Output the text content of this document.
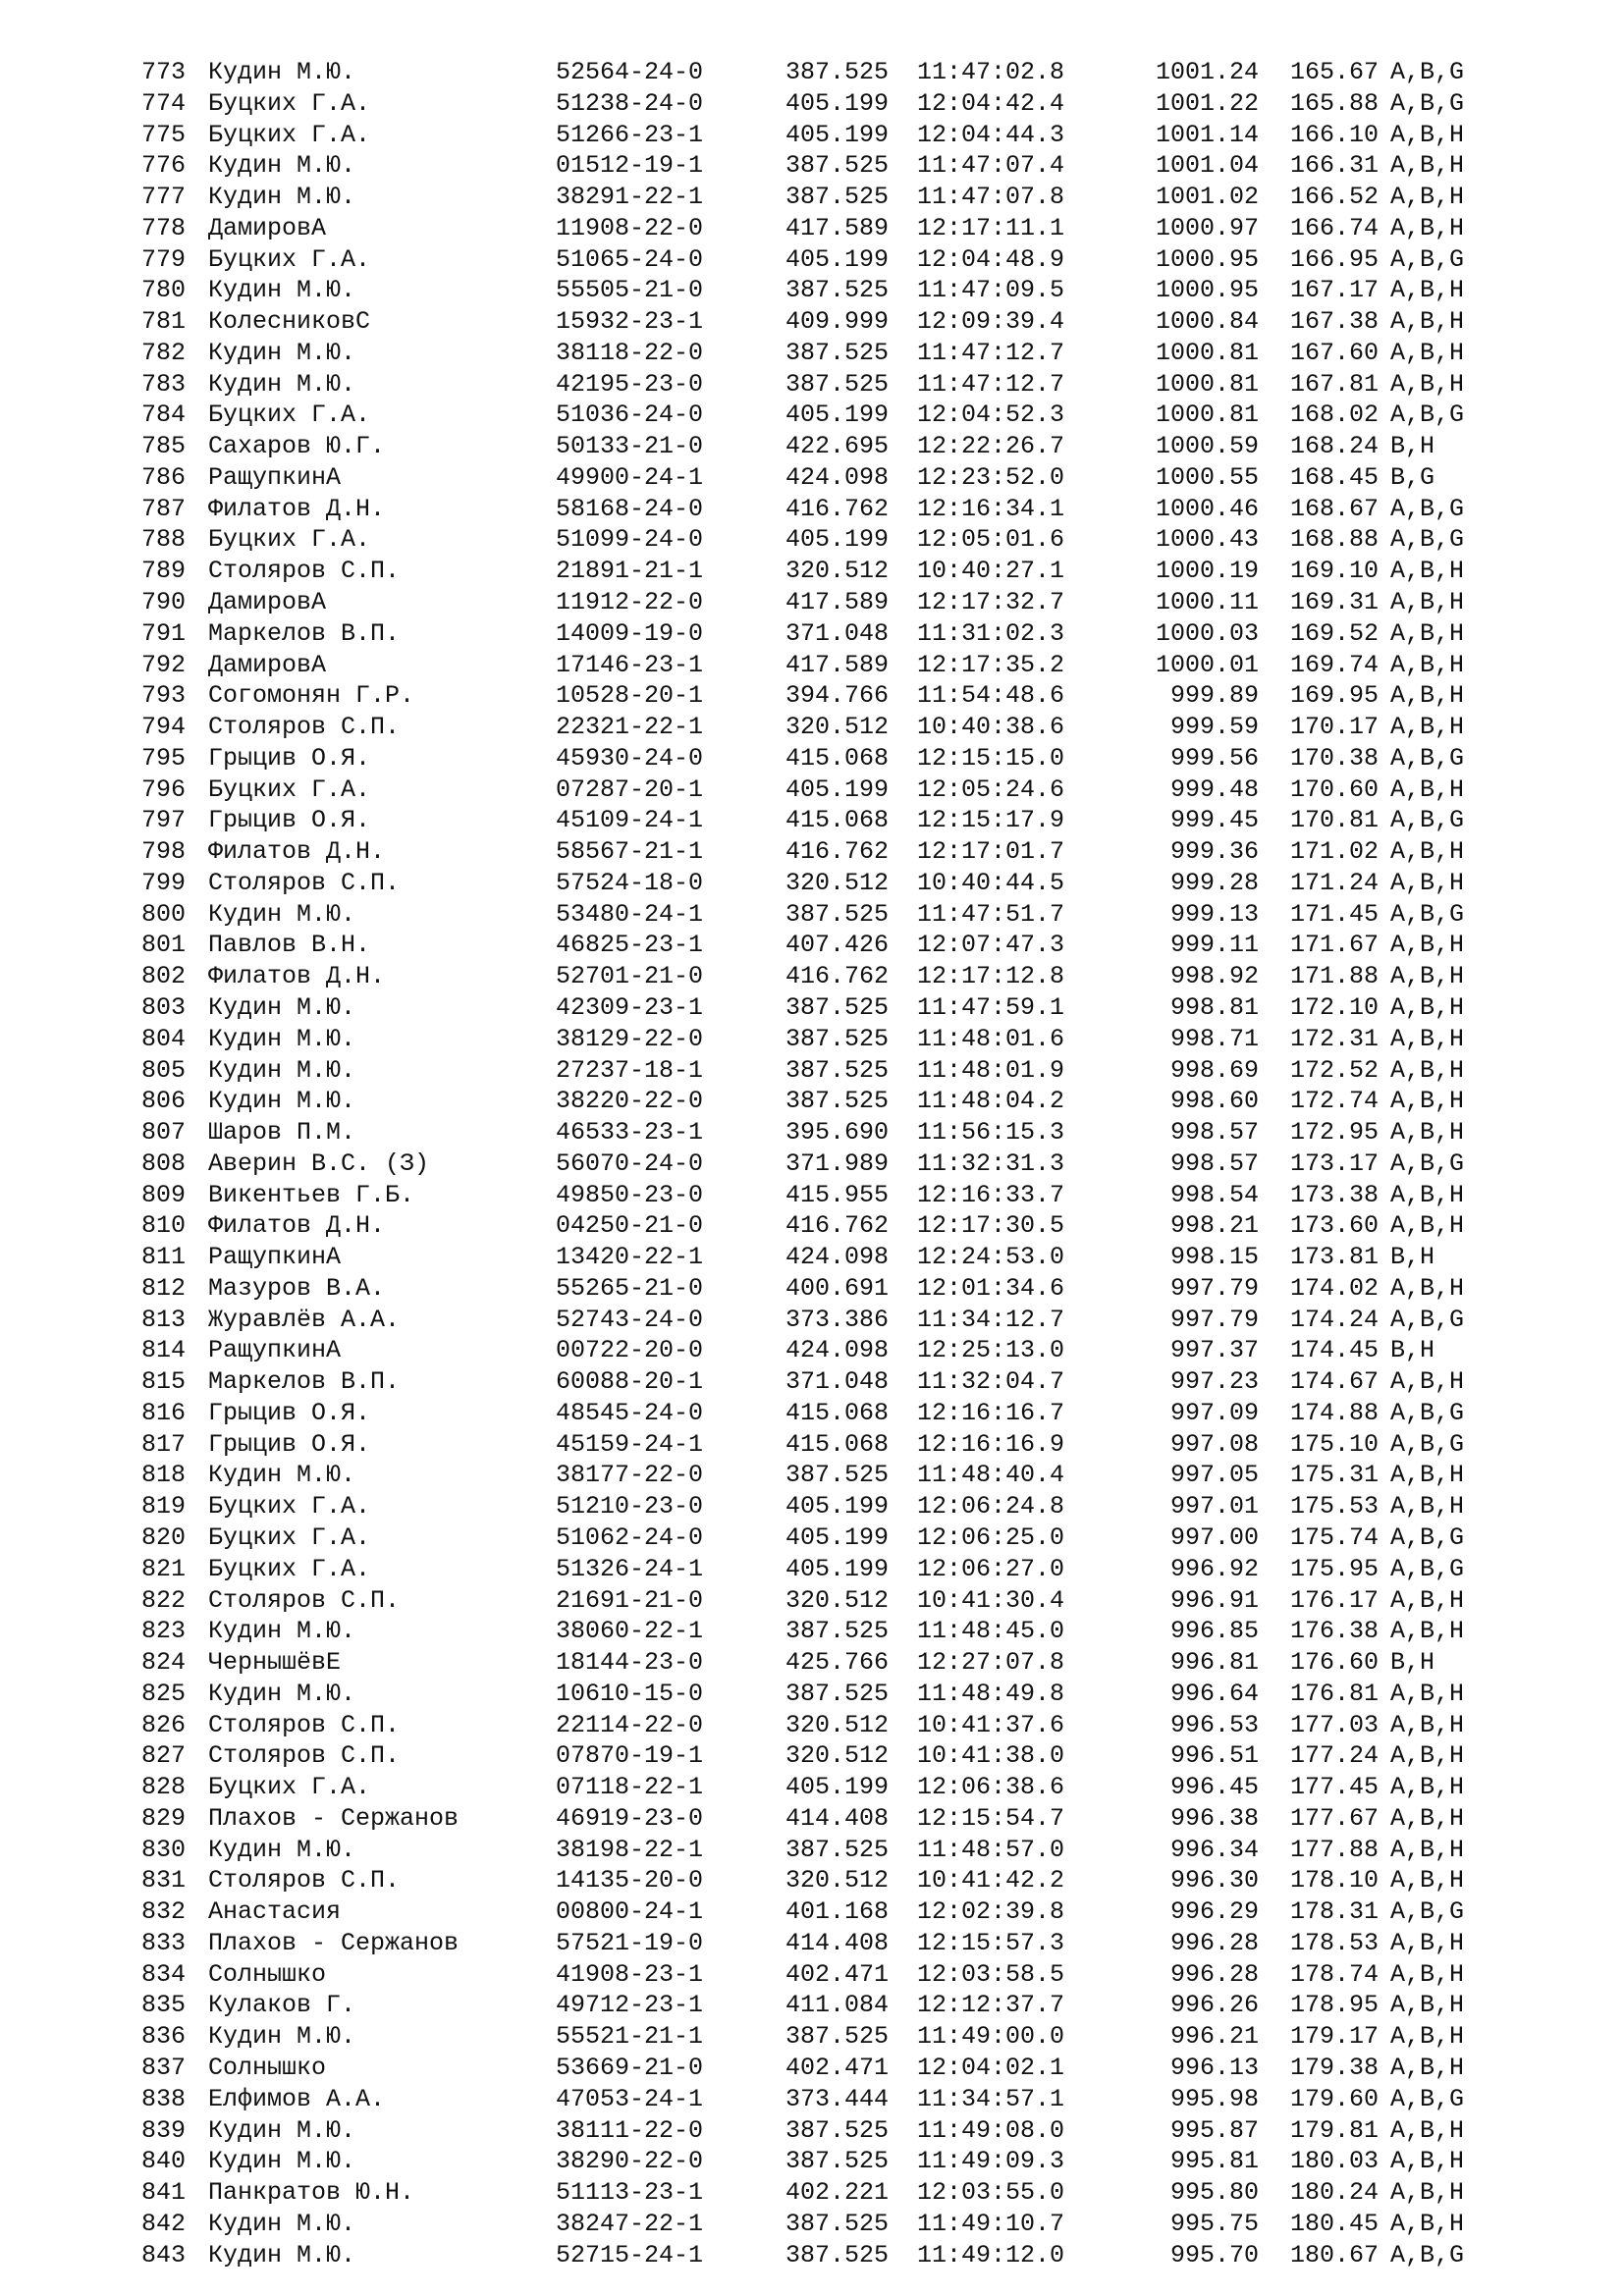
773 Кудин М.Ю.	52564-24-0	387.525 11:47:02.8	1001.24	165.67 A,B,G
774 Буцких Г.А.	51238-24-0	405.199 12:04:42.4	1001.22	165.88 A,B,G
775 Буцких Г.А.	51266-23-1	405.199 12:04:44.3	1001.14	166.10 A,B,H
776 Кудин М.Ю.	01512-19-1	387.525 11:47:07.4	1001.04	166.31 A,B,H
777 Кудин М.Ю.	38291-22-1	387.525 11:47:07.8	1001.02	166.52 A,B,H
778 ДамировА	11908-22-0	417.589 12:17:11.1	1000.97	166.74 A,B,H
779 Буцких Г.А.	51065-24-0	405.199 12:04:48.9	1000.95	166.95 A,B,G
780 Кудин М.Ю.	55505-21-0	387.525 11:47:09.5	1000.95	167.17 A,B,H
781 КолесниковС	15932-23-1	409.999 12:09:39.4	1000.84	167.38 A,B,H
782 Кудин М.Ю.	38118-22-0	387.525 11:47:12.7	1000.81	167.60 A,B,H
783 Кудин М.Ю.	42195-23-0	387.525 11:47:12.7	1000.81	167.81 A,B,H
784 Буцких Г.А.	51036-24-0	405.199 12:04:52.3	1000.81	168.02 A,B,G
785 Сахаров Ю.Г.	50133-21-0	422.695 12:22:26.7	1000.59	168.24 B,H
786 РащупкинА	49900-24-1	424.098 12:23:52.0	1000.55	168.45 B,G
787 Филатов Д.Н.	58168-24-0	416.762 12:16:34.1	1000.46	168.67 A,B,G
788 Буцких Г.А.	51099-24-0	405.199 12:05:01.6	1000.43	168.88 A,B,G
789 Столяров С.П.	21891-21-1	320.512 10:40:27.1	1000.19	169.10 A,B,H
790 ДамировА	11912-22-0	417.589 12:17:32.7	1000.11	169.31 A,B,H
791 Маркелов В.П.	14009-19-0	371.048 11:31:02.3	1000.03	169.52 A,B,H
792 ДамировА	17146-23-1	417.589 12:17:35.2	1000.01	169.74 A,B,H
793 Согомонян Г.Р.	10528-20-1	394.766 11:54:48.6	999.89	169.95 A,B,H
794 Столяров С.П.	22321-22-1	320.512 10:40:38.6	999.59	170.17 A,B,H
795 Грыцив О.Я.	45930-24-0	415.068 12:15:15.0	999.56	170.38 A,B,G
796 Буцких Г.А.	07287-20-1	405.199 12:05:24.6	999.48	170.60 A,B,H
797 Грыцив О.Я.	45109-24-1	415.068 12:15:17.9	999.45	170.81 A,B,G
798 Филатов Д.Н.	58567-21-1	416.762 12:17:01.7	999.36	171.02 A,B,H
799 Столяров С.П.	57524-18-0	320.512 10:40:44.5	999.28	171.24 A,B,H
800 Кудин М.Ю.	53480-24-1	387.525 11:47:51.7	999.13	171.45 A,B,G
801 Павлов В.Н.	46825-23-1	407.426 12:07:47.3	999.11	171.67 A,B,H
802 Филатов Д.Н.	52701-21-0	416.762 12:17:12.8	998.92	171.88 A,B,H
803 Кудин М.Ю.	42309-23-1	387.525 11:47:59.1	998.81	172.10 A,B,H
804 Кудин М.Ю.	38129-22-0	387.525 11:48:01.6	998.71	172.31 A,B,H
805 Кудин М.Ю.	27237-18-1	387.525 11:48:01.9	998.69	172.52 A,B,H
806 Кудин М.Ю.	38220-22-0	387.525 11:48:04.2	998.60	172.74 A,B,H
807 Шаров П.М.	46533-23-1	395.690 11:56:15.3	998.57	172.95 A,B,H
808 Аверин В.С. (З)	56070-24-0	371.989 11:32:31.3	998.57	173.17 A,B,G
809 Викентьев Г.Б.	49850-23-0	415.955 12:16:33.7	998.54	173.38 A,B,H
810 Филатов Д.Н.	04250-21-0	416.762 12:17:30.5	998.21	173.60 A,B,H
811 РащупкинА	13420-22-1	424.098 12:24:53.0	998.15	173.81 B,H
812 Мазуров В.А.	55265-21-0	400.691 12:01:34.6	997.79	174.02 A,B,H
813 Журавлёв А.А.	52743-24-0	373.386 11:34:12.7	997.79	174.24 A,B,G
814 РащупкинА	00722-20-0	424.098 12:25:13.0	997.37	174.45 B,H
815 Маркелов В.П.	60088-20-1	371.048 11:32:04.7	997.23	174.67 A,B,H
816 Грыцив О.Я.	48545-24-0	415.068 12:16:16.7	997.09	174.88 A,B,G
817 Грыцив О.Я.	45159-24-1	415.068 12:16:16.9	997.08	175.10 A,B,G
818 Кудин М.Ю.	38177-22-0	387.525 11:48:40.4	997.05	175.31 A,B,H
819 Буцких Г.А.	51210-23-0	405.199 12:06:24.8	997.01	175.53 A,B,H
820 Буцких Г.А.	51062-24-0	405.199 12:06:25.0	997.00	175.74 A,B,G
821 Буцких Г.А.	51326-24-1	405.199 12:06:27.0	996.92	175.95 A,B,G
822 Столяров С.П.	21691-21-0	320.512 10:41:30.4	996.91	176.17 A,B,H
823 Кудин М.Ю.	38060-22-1	387.525 11:48:45.0	996.85	176.38 A,B,H
824 ЧернышёвЕ	18144-23-0	425.766 12:27:07.8	996.81	176.60 B,H
825 Кудин М.Ю.	10610-15-0	387.525 11:48:49.8	996.64	176.81 A,B,H
826 Столяров С.П.	22114-22-0	320.512 10:41:37.6	996.53	177.03 A,B,H
827 Столяров С.П.	07870-19-1	320.512 10:41:38.0	996.51	177.24 A,B,H
828 Буцких Г.А.	07118-22-1	405.199 12:06:38.6	996.45	177.45 A,B,H
829 Плахов - Сержанов	46919-23-0	414.408 12:15:54.7	996.38	177.67 A,B,H
830 Кудин М.Ю.	38198-22-1	387.525 11:48:57.0	996.34	177.88 A,B,H
831 Столяров С.П.	14135-20-0	320.512 10:41:42.2	996.30	178.10 A,B,H
832 Анастасия	00800-24-1	401.168 12:02:39.8	996.29	178.31 A,B,G
833 Плахов - Сержанов	57521-19-0	414.408 12:15:57.3	996.28	178.53 A,B,H
834 Солнышко	41908-23-1	402.471 12:03:58.5	996.28	178.74 A,B,H
835 Кулаков Г.	49712-23-1	411.084 12:12:37.7	996.26	178.95 A,B,H
836 Кудин М.Ю.	55521-21-1	387.525 11:49:00.0	996.21	179.17 A,B,H
837 Солнышко	53669-21-0	402.471 12:04:02.1	996.13	179.38 A,B,H
838 Елфимов А.А.	47053-24-1	373.444 11:34:57.1	995.98	179.60 A,B,G
839 Кудин М.Ю.	38111-22-0	387.525 11:49:08.0	995.87	179.81 A,B,H
840 Кудин М.Ю.	38290-22-0	387.525 11:49:09.3	995.81	180.03 A,B,H
841 Панкратов Ю.Н.	51113-23-1	402.221 12:03:55.0	995.80	180.24 A,B,H
842 Кудин М.Ю.	38247-22-1	387.525 11:49:10.7	995.75	180.45 A,B,H
843 Кудин М.Ю.	52715-24-1	387.525 11:49:12.0	995.70	180.67 A,B,G
